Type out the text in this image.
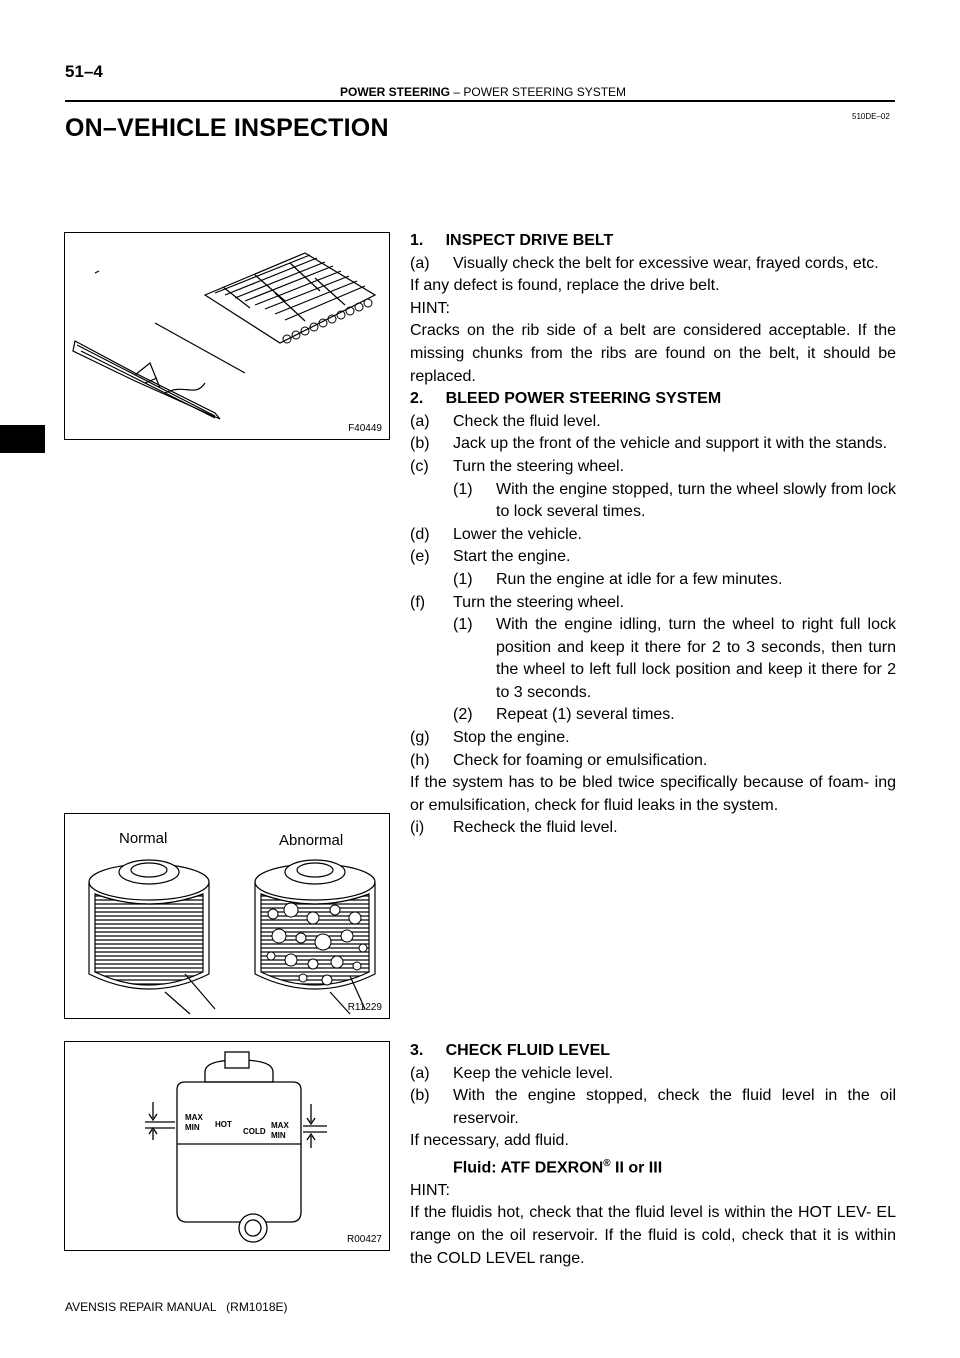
51–4
POWER STEERING – POWER STEERING SYSTEM
510DE–02
ON–VEHICLE INSPECTION
F40449
Normal	Abnormal
R11229
MAX
MIN HOT
COLD
MAX
MIN
R00427

1.     INSPECT DRIVE BELT

(a)	Visually check the belt for excessive wear, frayed cords, etc.

If any defect is found, replace the drive belt.

HINT:

Cracks on the rib side of a belt are considered acceptable. If the missing chunks from the ribs are found on the belt, it should be replaced.

2.     BLEED POWER STEERING SYSTEM

(a)	Check the fluid level.
(b)	Jack up the front of the vehicle and support it with the stands.
(c)	Turn the steering wheel.
(1)	With the engine stopped, turn the wheel slowly from lock to lock several times.
(d)	Lower the vehicle.
(e)	Start the engine.
(1)	Run the engine at idle for a few minutes.
(f)	Turn the steering wheel.
(1)	With the engine idling, turn the wheel to right full lock position and keep it there for 2 to 3 seconds, then turn the wheel to left full lock position and keep it there for 2 to 3 seconds.
(2)	Repeat (1) several times.
(g)	Stop the engine.
(h)	Check for foaming or emulsification.

If the system has to be bled twice specifically because of foam- ing or emulsification, check for fluid leaks in the system.

(i)	Recheck the fluid level.

3.     CHECK FLUID LEVEL

(a)	Keep the vehicle level.
(b)	With the engine stopped, check the fluid level in the oil reservoir.

If necessary, add fluid.

Fluid: ATF DEXRON® II or III

HINT:

If the fluidis hot, check that the fluid level is within the HOT LEV- EL range on the oil reservoir. If the fluid is cold, check that it is within the COLD LEVEL range.

AVENSIS REPAIR MANUAL   (RM1018E)
